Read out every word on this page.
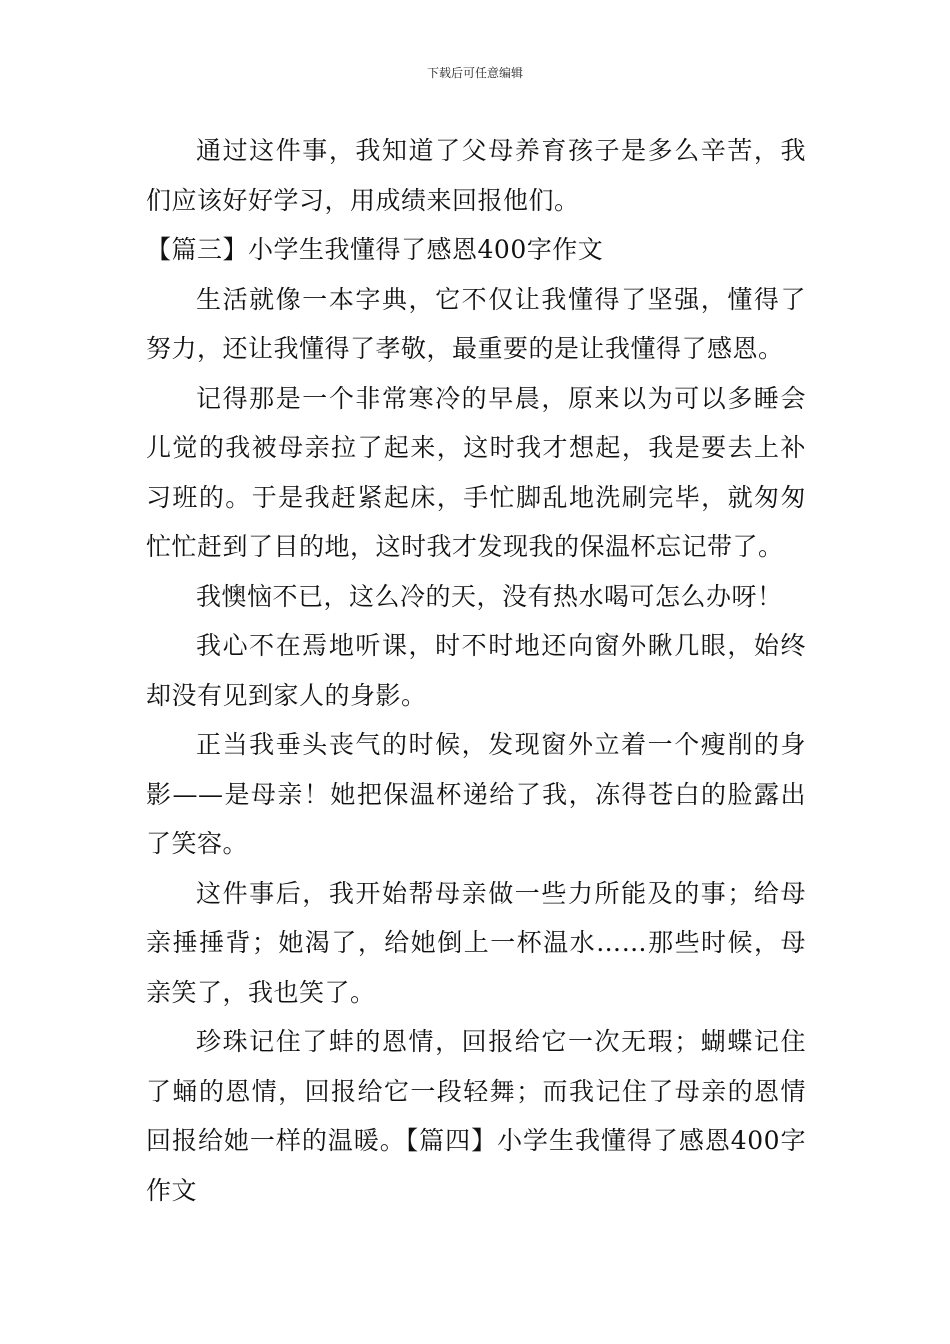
下载后可任意编辑

通过这件事，我知道了父母养育孩子是多么辛苦，我们应该好好学习，用成绩来回报他们。

【篇三】小学生我懂得了感恩400字作文

生活就像一本字典，它不仅让我懂得了坚强，懂得了努力，还让我懂得了孝敬，最重要的是让我懂得了感恩。

记得那是一个非常寒冷的早晨，原来以为可以多睡会儿觉的我被母亲拉了起来，这时我才想起，我是要去上补习班的。于是我赶紧起床，手忙脚乱地洗刷完毕，就匆匆忙忙赶到了目的地，这时我才发现我的保温杯忘记带了。

我懊恼不已，这么冷的天，没有热水喝可怎么办呀！

我心不在焉地听课，时不时地还向窗外瞅几眼，始终却没有见到家人的身影。

正当我垂头丧气的时候，发现窗外立着一个瘦削的身影——是母亲！她把保温杯递给了我，冻得苍白的脸露出了笑容。

这件事后，我开始帮母亲做一些力所能及的事；给母亲捶捶背；她渴了，给她倒上一杯温水……那些时候，母亲笑了，我也笑了。

珍珠记住了蚌的恩情，回报给它一次无瑕；蝴蝶记住了蛹的恩情，回报给它一段轻舞；而我记住了母亲的恩情回报给她一样的温暖。【篇四】小学生我懂得了感恩400字作文
